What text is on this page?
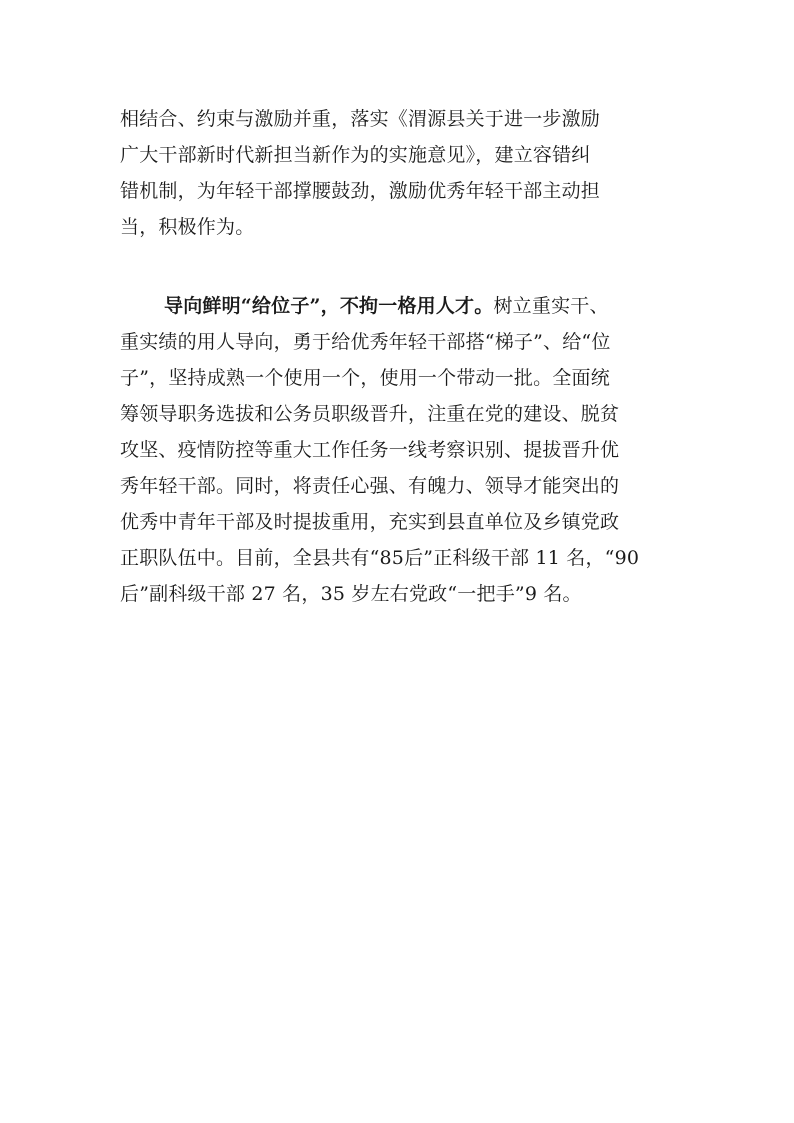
相结合、约束与激励并重，落实《渭源县关于进一步激励
广大干部新时代新担当新作为的实施意见》，建立容错纠
错机制，为年轻干部撑腰鼓劲，激励优秀年轻干部主动担
当，积极作为。
导向鲜明“给位子”，不拘一格用人才。树立重实干、
重实绩的用人导向，勇于给优秀年轻干部搭“梯子”、给“位
子”，坚持成熟一个使用一个，使用一个带动一批。全面统
筹领导职务选拔和公务员职级晋升，注重在党的建设、脱贫
攻坚、疫情防控等重大工作任务一线考察识别、提拔晋升优
秀年轻干部。同时，将责任心强、有魄力、领导才能突出的
优秀中青年干部及时提拔重用，充实到县直单位及乡镇党政
正职队伍中。目前，全县共有“85后”正科级干部 11 名，“90
后”副科级干部 27 名，35 岁左右党政“一把手”9 名。
